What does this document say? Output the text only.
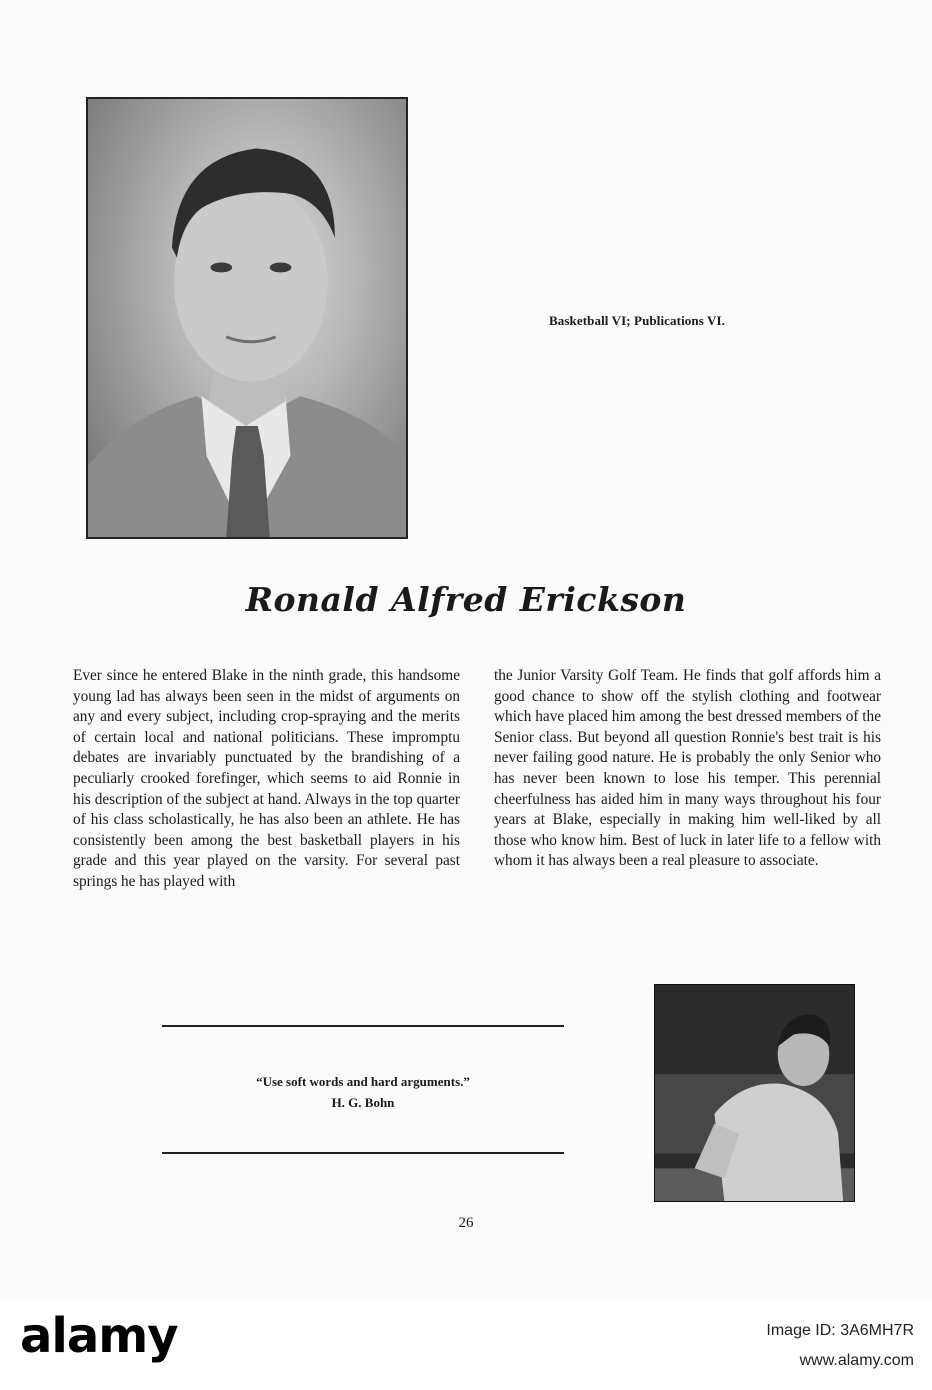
Basketball VI; Publications VI.
Ronald Alfred Erickson
Ever since he entered Blake in the ninth grade, this handsome young lad has always been seen in the midst of arguments on any and every subject, including crop-spraying and the merits of certain local and national politicians. These impromptu debates are invariably punctuated by the brandishing of a peculiarly crooked forefinger, which seems to aid Ronnie in his description of the subject at hand. Always in the top quarter of his class scholastically, he has also been an athlete. He has consistently been among the best basketball players in his grade and this year played on the varsity. For several past springs he has played with
the Junior Varsity Golf Team. He finds that golf affords him a good chance to show off the stylish clothing and footwear which have placed him among the best dressed members of the Senior class. But beyond all question Ronnie's best trait is his never failing good nature. He is probably the only Senior who has never been known to lose his temper. This perennial cheerfulness has aided him in many ways throughout his four years at Blake, especially in making him well-liked by all those who know him. Best of luck in later life to a fellow with whom it has always been a real pleasure to associate.
“Use soft words and hard arguments.”
H. G. Bohn
26
alamy	Image ID: 3A6MH7R
www.alamy.com
